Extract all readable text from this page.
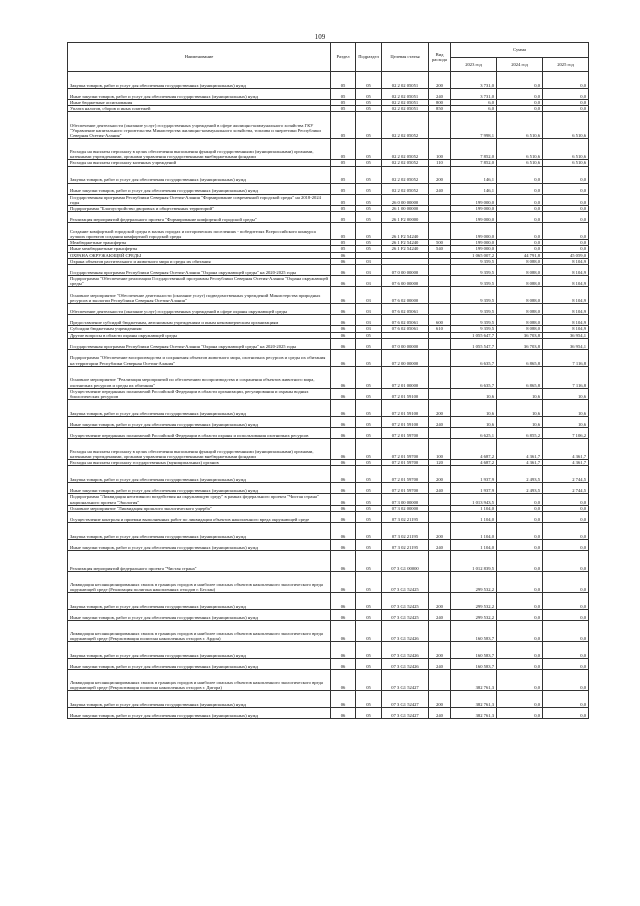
109
Наименование	Раздел	Подраздел	Целевая статья	Вид расхода	Сумма		
					2023 год	2024 год	2025 год
Закупка товаров, работ и услуг для обеспечения государственных (муниципальных) нужд	05	05	02 2 02 05051	200	3 731,0	0,0	0,0
Иные закупки товаров, работ и услуг для обеспечения государственных (муниципальных) нужд	05	05	02 2 02 05051	240	3 731,0	0,0	0,0
Иные бюджетные ассигнования	05	05	02 2 02 05051	800	6,0	0,0	0,0
Уплата налогов, сборов и иных платежей	05	05	02 2 02 05051	850	6,0	0,0	0,0
Обеспечение деятельности (оказание услуг) государственных учреждений в сфере жилищно-коммунального хозяйства ГКУ "Управление капитального строительства Министерства жилищно-коммунального хозяйства, топлива и энергетики Республики Северная Осетия-Алания"	05	05	02 2 02 05052		7 998,1	6 510,6	6 510,6
Расходы на выплаты персоналу в целях обеспечения выполнения функций государственными (муниципальными) органами, казенными учреждениями, органами управления государственными внебюджетными фондами	05	05	02 2 02 05052	100	7 852,0	6 510,6	6 510,6
Расходы на выплаты персоналу казенных учреждений	05	05	02 2 02 05052	110	7 852,0	6 510,6	6 510,6
Закупка товаров, работ и услуг для обеспечения государственных (муниципальных) нужд	05	05	02 2 02 05052	200	146,1	0,0	0,0
Иные закупки товаров, работ и услуг для обеспечения государственных (муниципальных) нужд	05	05	02 2 02 05052	240	146,1	0,0	0,0
Государственная программа Республики Северная Осетия-Алания "Формирование современной городской среды" на 2018-2024 годы	05	05	26 0 00 00000		199 000,0	0,0	0,0
Подпрограмма "Благоустройство дворовых и общественных территорий"	05	05	26 1 00 00000		199 000,0	0,0	0,0
Реализация мероприятий федерального проекта "Формирование комфортной городской среды"	05	05	26 1 F2 00000		199 000,0	0,0	0,0
Создание комфортной городской среды в малых городах и исторических поселениях - победителях Всероссийского конкурса лучших проектов создания комфортной городской среды	05	05	26 1 F2 54240		199 000,0	0,0	0,0
Межбюджетные трансферты	05	05	26 1 F2 54240	500	199 000,0	0,0	0,0
Иные межбюджетные трансферты	05	05	26 1 F2 54240	540	199 000,0	0,0	0,0
ОХРАНА ОКРУЖАЮЩЕЙ СРЕДЫ	06				1 065 007,2	44 791,8	45 059,0
Охрана объектов растительного и животного мира и среды их обитания	06	03			9 359,5	8 088,0	8 104,9
Государственная программа Республики Северная Осетия-Алания "Охрана окружающей среды" на 2020-2025 годы	06	03	07 0 00 00000		9 359,5	8 088,0	8 104,9
Подпрограмма "Обеспечение реализации Государственной программы Республики Северная Осетия-Алания "Охрана окружающей среды"	06	03	07 6 00 00000		9 359,5	8 088,0	8 104,9
Основное мероприятие "Обеспечение деятельности (оказание услуг) подведомственных учреждений Министерства природных ресурсов и экологии Республики Северная Осетия-Алания"	06	03	07 6 02 00000		9 359,5	8 088,0	8 104,9
Обеспечение деятельности (оказание услуг) государственных учреждений в сфере охраны окружающей среды	06	03	07 6 02 05061		9 359,5	8 088,0	8 104,9
Предоставление субсидий бюджетным, автономным учреждениям и иным некоммерческим организациям	06	03	07 6 02 05061	600	9 359,5	8 088,0	8 104,9
Субсидии бюджетным учреждениям	06	03	07 6 02 05061	610	9 359,5	8 088,0	8 104,9
Другие вопросы в области охраны окружающей среды	06	05			1 055 647,7	36 703,8	36 954,1
Государственная программа Республики Северная Осетия-Алания "Охрана окружающей среды" на 2020-2025 годы	06	05	07 0 00 00000		1 055 547,7	36 703,8	36 954,1
Подпрограмма "Обеспечение воспроизводства и сохранения объектов животного мира, охотничьих ресурсов и среды их обитания на территории Республики Северная Осетия-Алания"	06	05	07 2 00 00000		6 635,7	6 865,8	7 116,8
Основное мероприятие "Реализация мероприятий по обеспечению воспроизводства и сохранения объектов животного мира, охотничьих ресурсов и среды их обитания"	06	05	07 2 01 00000		6 635,7	6 865,8	7 116,8
Осуществление переданных полномочий Российской Федерации в области организации, регулирования и охраны водных биологических ресурсов	06	05	07 2 01 59100		10,6	10,6	10,6
Закупка товаров, работ и услуг для обеспечения государственных (муниципальных) нужд	06	05	07 2 01 59100	200	10,6	10,6	10,6
Иные закупки товаров, работ и услуг для обеспечения государственных (муниципальных) нужд	06	05	07 2 01 59100	240	10,6	10,6	10,6
Осуществление переданных полномочий Российской Федерации в области охраны и использования охотничьих ресурсов	06	05	07 2 01 59700		6 625,1	6 855,2	7 106,2
Расходы на выплаты персоналу в целях обеспечения выполнения функций государственными (муниципальными) органами, казенными учреждениями, органами управления государственными внебюджетными фондами	06	05	07 2 01 59700	100	4 687,2	4 361,7	4 361,7
Расходы на выплаты персоналу государственных (муниципальных) органов	06	05	07 2 01 59700	120	4 687,2	4 361,7	4 361,7
Закупка товаров, работ и услуг для обеспечения государственных (муниципальных) нужд	06	05	07 2 01 59700	200	1 937,9	2 493,5	2 744,5
Иные закупки товаров, работ и услуг для обеспечения государственных (муниципальных) нужд	06	05	07 2 01 59700	240	1 937,9	2 493,5	2 744,5
Подпрограмма "Ликвидация негативного воздействия на окружающую среду" в рамках федерального проекта "Чистая страна" национального проекта "Экология"	06	05	07 3 00 00000		1 013 943,5	0,0	0,0
Основное мероприятие "Ликвидация прошлого экологического ущерба"	06	05	07 3 02 00000		1 104,0	0,0	0,0
Осуществление контроля и приемки выполненных работ по ликвидации объектов накопленного вреда окружающей среде	06	05	07 3 02 21195		1 104,0	0,0	0,0
Закупка товаров, работ и услуг для обеспечения государственных (муниципальных) нужд	06	05	07 3 02 21195	200	1 104,0	0,0	0,0
Иные закупки товаров, работ и услуг для обеспечения государственных (муниципальных) нужд	06	05	07 3 02 21195	240	1 104,0	0,0	0,0
Реализация мероприятий федерального проекта "Чистая страна"	06	05	07 3 G1 00000		1 012 839,5	0,0	0,0
Ликвидация несанкционированных свалок в границах городов и наиболее опасных объектов накопленного экологического вреда окружающей среде (Реализация полигона накопленных отходов г. Беслан)	06	05	07 3 G1 52425		299 532,2	0,0	0,0
Закупка товаров, работ и услуг для обеспечения государственных (муниципальных) нужд	06	05	07 3 G1 52425	200	299 532,2	0,0	0,0
Иные закупки товаров, работ и услуг для обеспечения государственных (муниципальных) нужд	06	05	07 3 G1 52425	240	299 532,2	0,0	0,0
Ликвидация несанкционированных свалок в границах городов и наиболее опасных объектов накопленного экологического вреда окружающей среде (Рекультивация полигона накопленных отходов г. Ардон)	06	05	07 3 G1 52426		160 583,7	0,0	0,0
Закупка товаров, работ и услуг для обеспечения государственных (муниципальных) нужд	06	05	07 3 G1 52426	200	160 583,7	0,0	0,0
Иные закупки товаров, работ и услуг для обеспечения государственных (муниципальных) нужд	06	05	07 3 G1 52426	240	160 583,7	0,0	0,0
Ликвидация несанкционированных свалок в границах городов и наиболее опасных объектов накопленного экологического вреда окружающей среде (Рекультивация полигона накопленных отходов г. Дигора)	06	05	07 3 G1 52427		382 761,3	0,0	0,0
Закупка товаров, работ и услуг для обеспечения государственных (муниципальных) нужд	06	05	07 3 G1 52427	200	382 761,3	0,0	0,0
Иные закупки товаров, работ и услуг для обеспечения государственных (муниципальных) нужд	06	05	07 3 G1 52427	240	382 761,3	0,0	0,0
